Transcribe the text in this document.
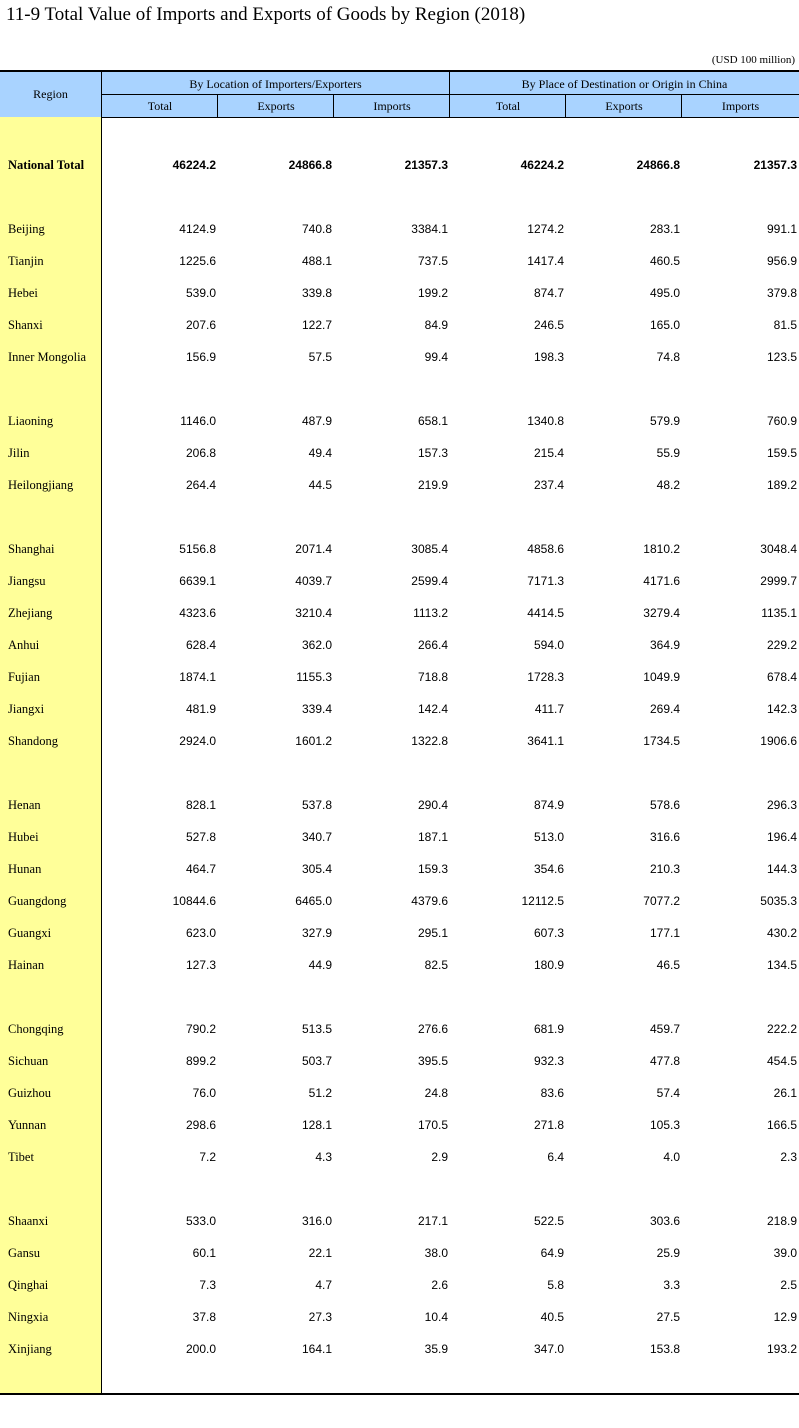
11-9 Total Value of Imports and Exports of Goods by Region (2018)
(USD 100 million)
Region
By Location of Importers/Exporters	By Place of Destination or Origin in China
Total	Exports	Imports	Total	Exports	Imports
National Total	46224.2	24866.8	21357.3	46224.2	24866.8	21357.3
Beijing	4124.9	740.8	3384.1	1274.2	283.1	991.1
Tianjin	1225.6	488.1	737.5	1417.4	460.5	956.9
Hebei	539.0	339.8	199.2	874.7	495.0	379.8
Shanxi	207.6	122.7	84.9	246.5	165.0	81.5
Inner Mongolia	156.9	57.5	99.4	198.3	74.8	123.5
Liaoning	1146.0	487.9	658.1	1340.8	579.9	760.9
Jilin	206.8	49.4	157.3	215.4	55.9	159.5
Heilongjiang	264.4	44.5	219.9	237.4	48.2	189.2
Shanghai	5156.8	2071.4	3085.4	4858.6	1810.2	3048.4
Jiangsu	6639.1	4039.7	2599.4	7171.3	4171.6	2999.7
Zhejiang	4323.6	3210.4	1113.2	4414.5	3279.4	1135.1
Anhui	628.4	362.0	266.4	594.0	364.9	229.2
Fujian	1874.1	1155.3	718.8	1728.3	1049.9	678.4
Jiangxi	481.9	339.4	142.4	411.7	269.4	142.3
Shandong	2924.0	1601.2	1322.8	3641.1	1734.5	1906.6
Henan	828.1	537.8	290.4	874.9	578.6	296.3
Hubei	527.8	340.7	187.1	513.0	316.6	196.4
Hunan	464.7	305.4	159.3	354.6	210.3	144.3
Guangdong	10844.6	6465.0	4379.6	12112.5	7077.2	5035.3
Guangxi	623.0	327.9	295.1	607.3	177.1	430.2
Hainan	127.3	44.9	82.5	180.9	46.5	134.5
Chongqing	790.2	513.5	276.6	681.9	459.7	222.2
Sichuan	899.2	503.7	395.5	932.3	477.8	454.5
Guizhou	76.0	51.2	24.8	83.6	57.4	26.1
Yunnan	298.6	128.1	170.5	271.8	105.3	166.5
Tibet	7.2	4.3	2.9	6.4	4.0	2.3
Shaanxi	533.0	316.0	217.1	522.5	303.6	218.9
Gansu	60.1	22.1	38.0	64.9	25.9	39.0
Qinghai	7.3	4.7	2.6	5.8	3.3	2.5
Ningxia	37.8	27.3	10.4	40.5	27.5	12.9
Xinjiang	200.0	164.1	35.9	347.0	153.8	193.2
